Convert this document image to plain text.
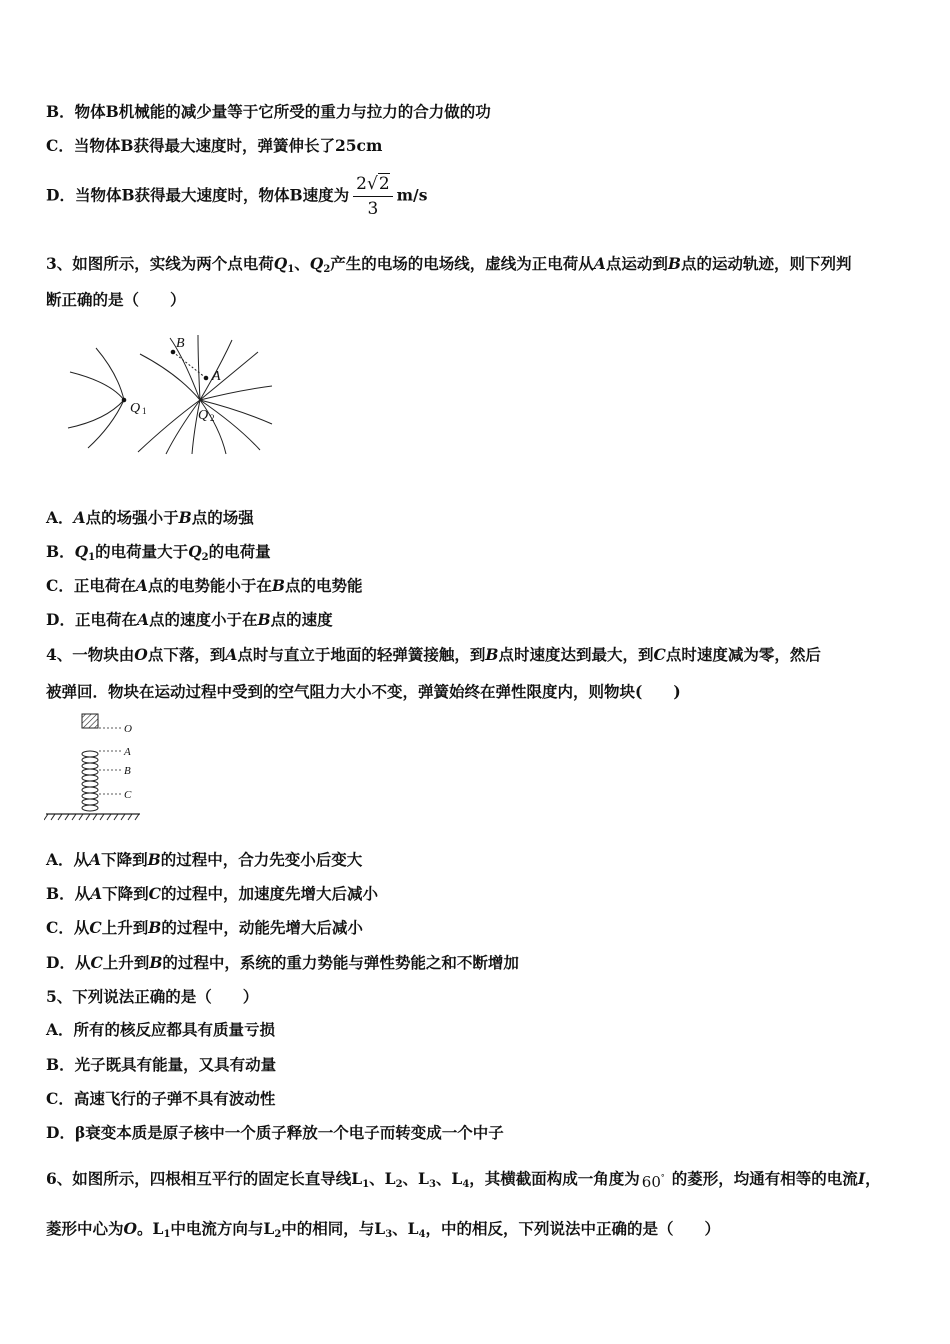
B．物体B机械能的减少量等于它所受的重力与拉力的合力做的功
C．当物体B获得最大速度时，弹簧伸长了25cm
D．当物体B获得最大速度时，物体B速度为 $\frac{2√2}{3} m/s$
3、如图所示，实线为两个点电荷$Q_1$、$Q_2$产生的电场的电场线，虚线为正电荷从A点运动到B点的运动轨迹，则下列判
断正确的是（　　）
B
A
Q 1	Q 2
A．A点的场强小于B点的场强
B．$Q_1$的电荷量大于$Q_2$的电荷量
C．正电荷在A点的电势能小于在B点的电势能
D．正电荷在A点的速度小于在B点的速度
4、一物块由O点下落，到A点时与直立于地面的轻弹簧接触，到B点时速度达到最大，到C点时速度减为零，然后
被弹回．物块在运动过程中受到的空气阻力大小不变，弹簧始终在弹性限度内，则物块(　　)
O
A
B
C
A．从A下降到B的过程中，合力先变小后变大
B．从A下降到C的过程中，加速度先增大后减小
C．从C上升到B的过程中，动能先增大后减小
D．从C上升到B的过程中，系统的重力势能与弹性势能之和不断增加
5、下列说法正确的是（　　）
A．所有的核反应都具有质量亏损
B．光子既具有能量，又具有动量
C．高速飞行的子弹不具有波动性
D．β衰变本质是原子核中一个质子释放一个电子而转变成一个中子
6、如图所示，四根相互平行的固定长直导线$L_1$、$L_2$、$L_3$、$L_4$，其横截面构成一角度为 60 ° 的菱形，均通有相等的电流I，
菱形中心为O。$L_1$中电流方向与$L_2$中的相同，与$L_3$、$L_4$，中的相反，下列说法中正确的是（　　）
